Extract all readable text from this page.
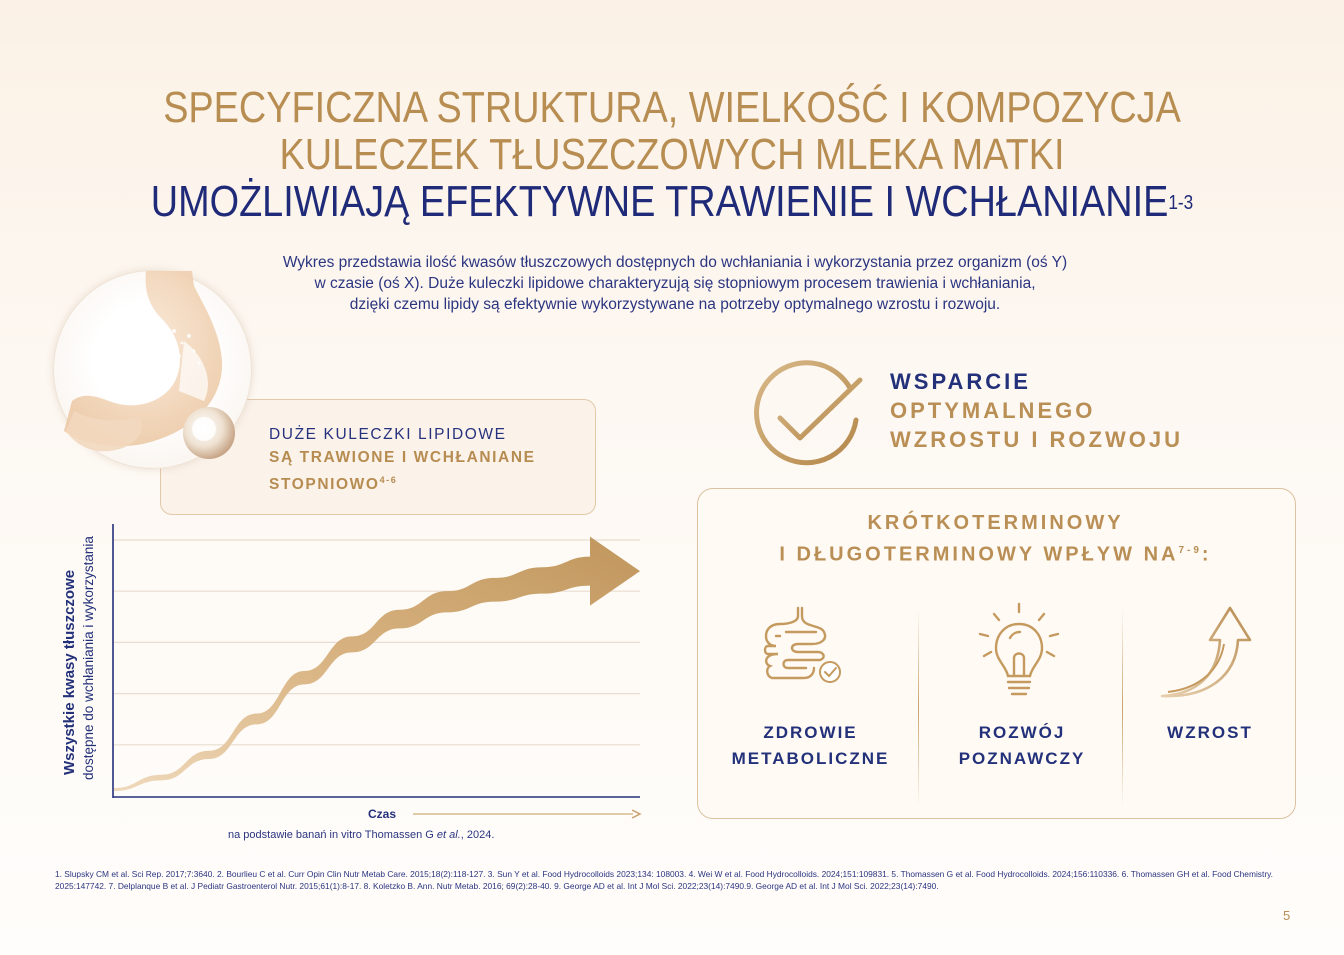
SPECYFICZNA STRUKTURA, WIELKOŚĆ I KOMPOZYCJA
KULECZEK TŁUSZCZOWYCH MLEKA MATKI
UMOŻLIWIAJĄ EFEKTYWNE TRAWIENIE I WCHŁANIANIE$^{1-3}$
Wykres przedstawia ilość kwasów tłuszczowych dostępnych do wchłaniania i wykorzystania przez organizm (oś Y)
w czasie (oś X). Duże kuleczki lipidowe charakteryzują się stopniowym procesem trawienia i wchłaniania,
dzięki czemu lipidy są efektywnie wykorzystywane na potrzeby optymalnego wzrostu i rozwoju.
DUŻE KULECZKI LIPIDOWE
SĄ TRAWIONE I WCHŁANIANE
STOPNIOWO$^{4-6}$
Wszystkie kwasy tłuszczowe dostępne do wchłaniania i wykorzystania
Czas
na podstawie banań in vitro Thomassen G et al., 2024.
WSPARCIE
OPTYMALNEGO
WZROSTU I ROZWOJU
KRÓTKOTERMINOWY
I DŁUGOTERMINOWY WPŁYW NA$^{7-9}$:
ZDROWIE
METABOLICZNE
ROZWÓJ
POZNAWCZY
WZROST
1. Slupsky CM et al. Sci Rep. 2017;7:3640. 2. Bourlieu C et al. Curr Opin Clin Nutr Metab Care. 2015;18(2):118-127. 3. Sun Y et al. Food Hydrocolloids 2023;134: 108003. 4. Wei W et al. Food Hydrocolloids. 2024;151:109831. 5. Thomassen G et al. Food Hydrocolloids. 2024;156:110336. 6. Thomassen GH et al. Food Chemistry. 2025:147742. 7. Delplanque B et al. J Pediatr Gastroenterol Nutr. 2015;61(1):8-17. 8. Koletzko B. Ann. Nutr Metab. 2016; 69(2):28-40. 9. George AD et al. Int J Mol Sci. 2022;23(14):7490.9. George AD et al. Int J Mol Sci. 2022;23(14):7490.
5
